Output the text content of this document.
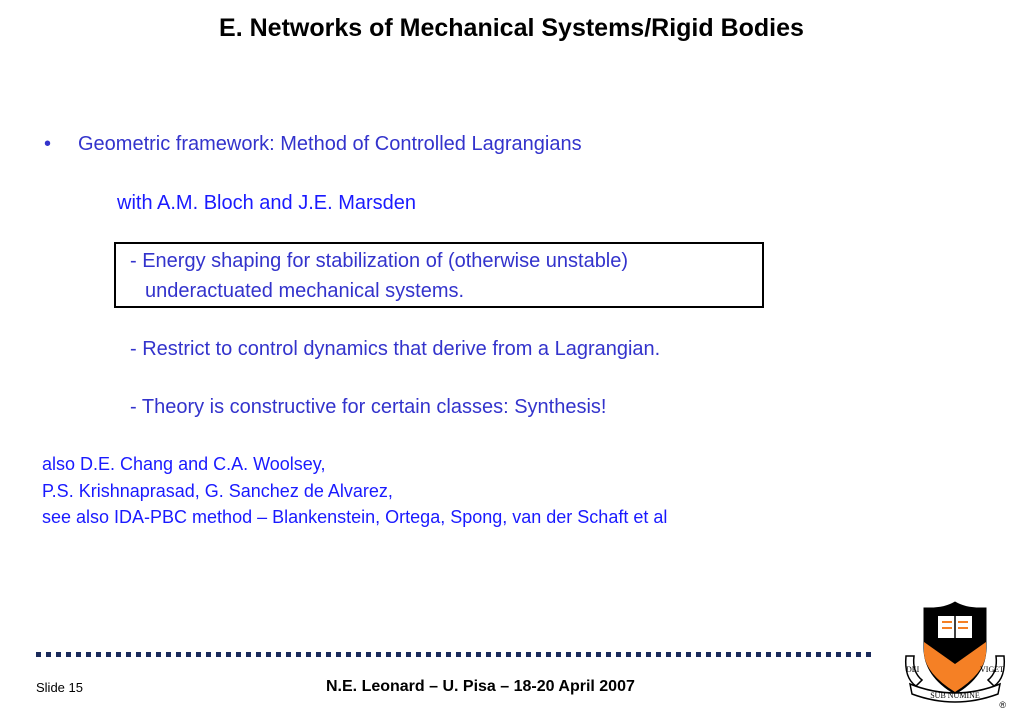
E. Networks of Mechanical Systems/Rigid Bodies
• Geometric framework: Method of Controlled Lagrangians
with A.M. Bloch and J.E. Marsden
- Energy shaping for stabilization of (otherwise unstable)
underactuated mechanical systems.
- Restrict to control dynamics that derive from a Lagrangian.
- Theory is constructive for certain classes: Synthesis!
also D.E. Chang and C.A. Woolsey,
P.S. Krishnaprasad, G. Sanchez de Alvarez,
see also IDA-PBC method – Blankenstein, Ortega, Spong, van der Schaft et al
Slide 15	N.E. Leonard – U. Pisa – 18-20 April 2007
DEI
SUB NUMINE
VIGET
®
